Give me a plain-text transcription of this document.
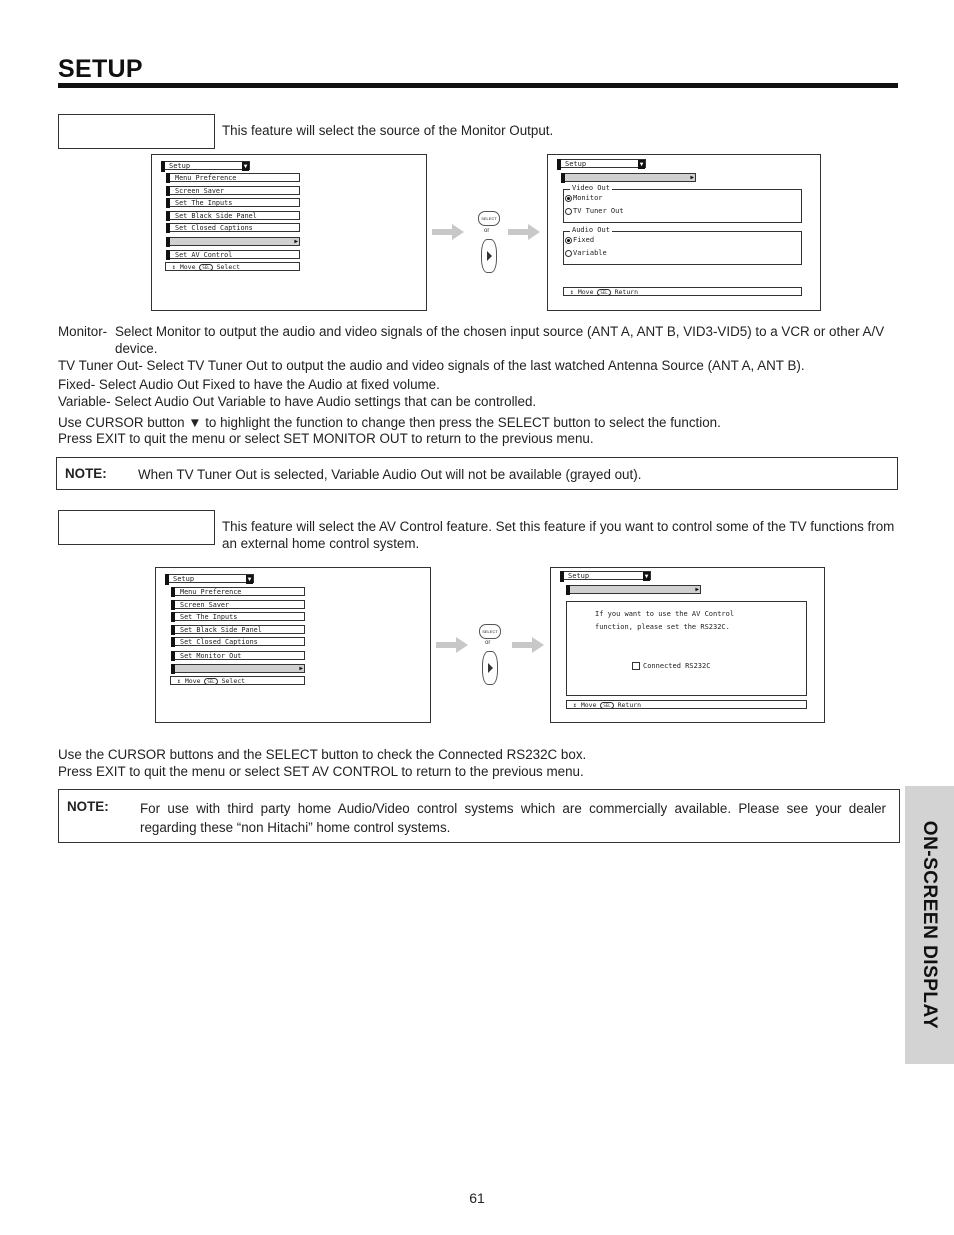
SETUP
This feature will select the source of the Monitor Output.
Setup	▼
Menu Preference
Screen Saver
Set The Inputs
Set Black Side Panel
Set Closed Captions
▶
Set AV Control
↕ Move SEL Select
SELECT
or
Setup	▼
▶
Video Out
Monitor
TV Tuner Out
Audio Out
Fixed
Variable
↕ Move SEL Return
Monitor- Select Monitor to output the audio and video signals of the chosen input source (ANT A, ANT B, VID3-VID5) to a VCR or other A/V device.
TV Tuner Out- Select TV Tuner Out to output the audio and video signals of the last watched Antenna Source (ANT A, ANT B).
Fixed- Select Audio Out Fixed to have the Audio at fixed volume.
Variable- Select Audio Out Variable to have Audio settings that can be controlled.
Use CURSOR button ▼ to highlight the function to change then press the SELECT button to select the function.
Press EXIT to quit the menu or select SET MONITOR OUT to return to the previous menu.
NOTE: When TV Tuner Out is selected, Variable Audio Out will not be available (grayed out).
This feature will select the AV Control feature. Set this feature if you want to control some of the TV functions from an external home control system.
Setup	▼
Menu Preference
Screen Saver
Set The Inputs
Set Black Side Panel
Set Closed Captions
Set Monitor Out
▶
↕ Move SEL Select
SELECT
or
Setup	▼
▶
If you want to use the AV Control
function, please set the RS232C.
Connected RS232C
↕ Move SEL Return
Use the CURSOR buttons and the SELECT button to check the Connected RS232C box.
Press EXIT to quit the menu or select SET AV CONTROL to return to the previous menu.
NOTE: For use with third party home Audio/Video control systems which are commercially available. Please see your dealer regarding these “non Hitachi” home control systems.	ON-SCREEN DISPLAY
61
